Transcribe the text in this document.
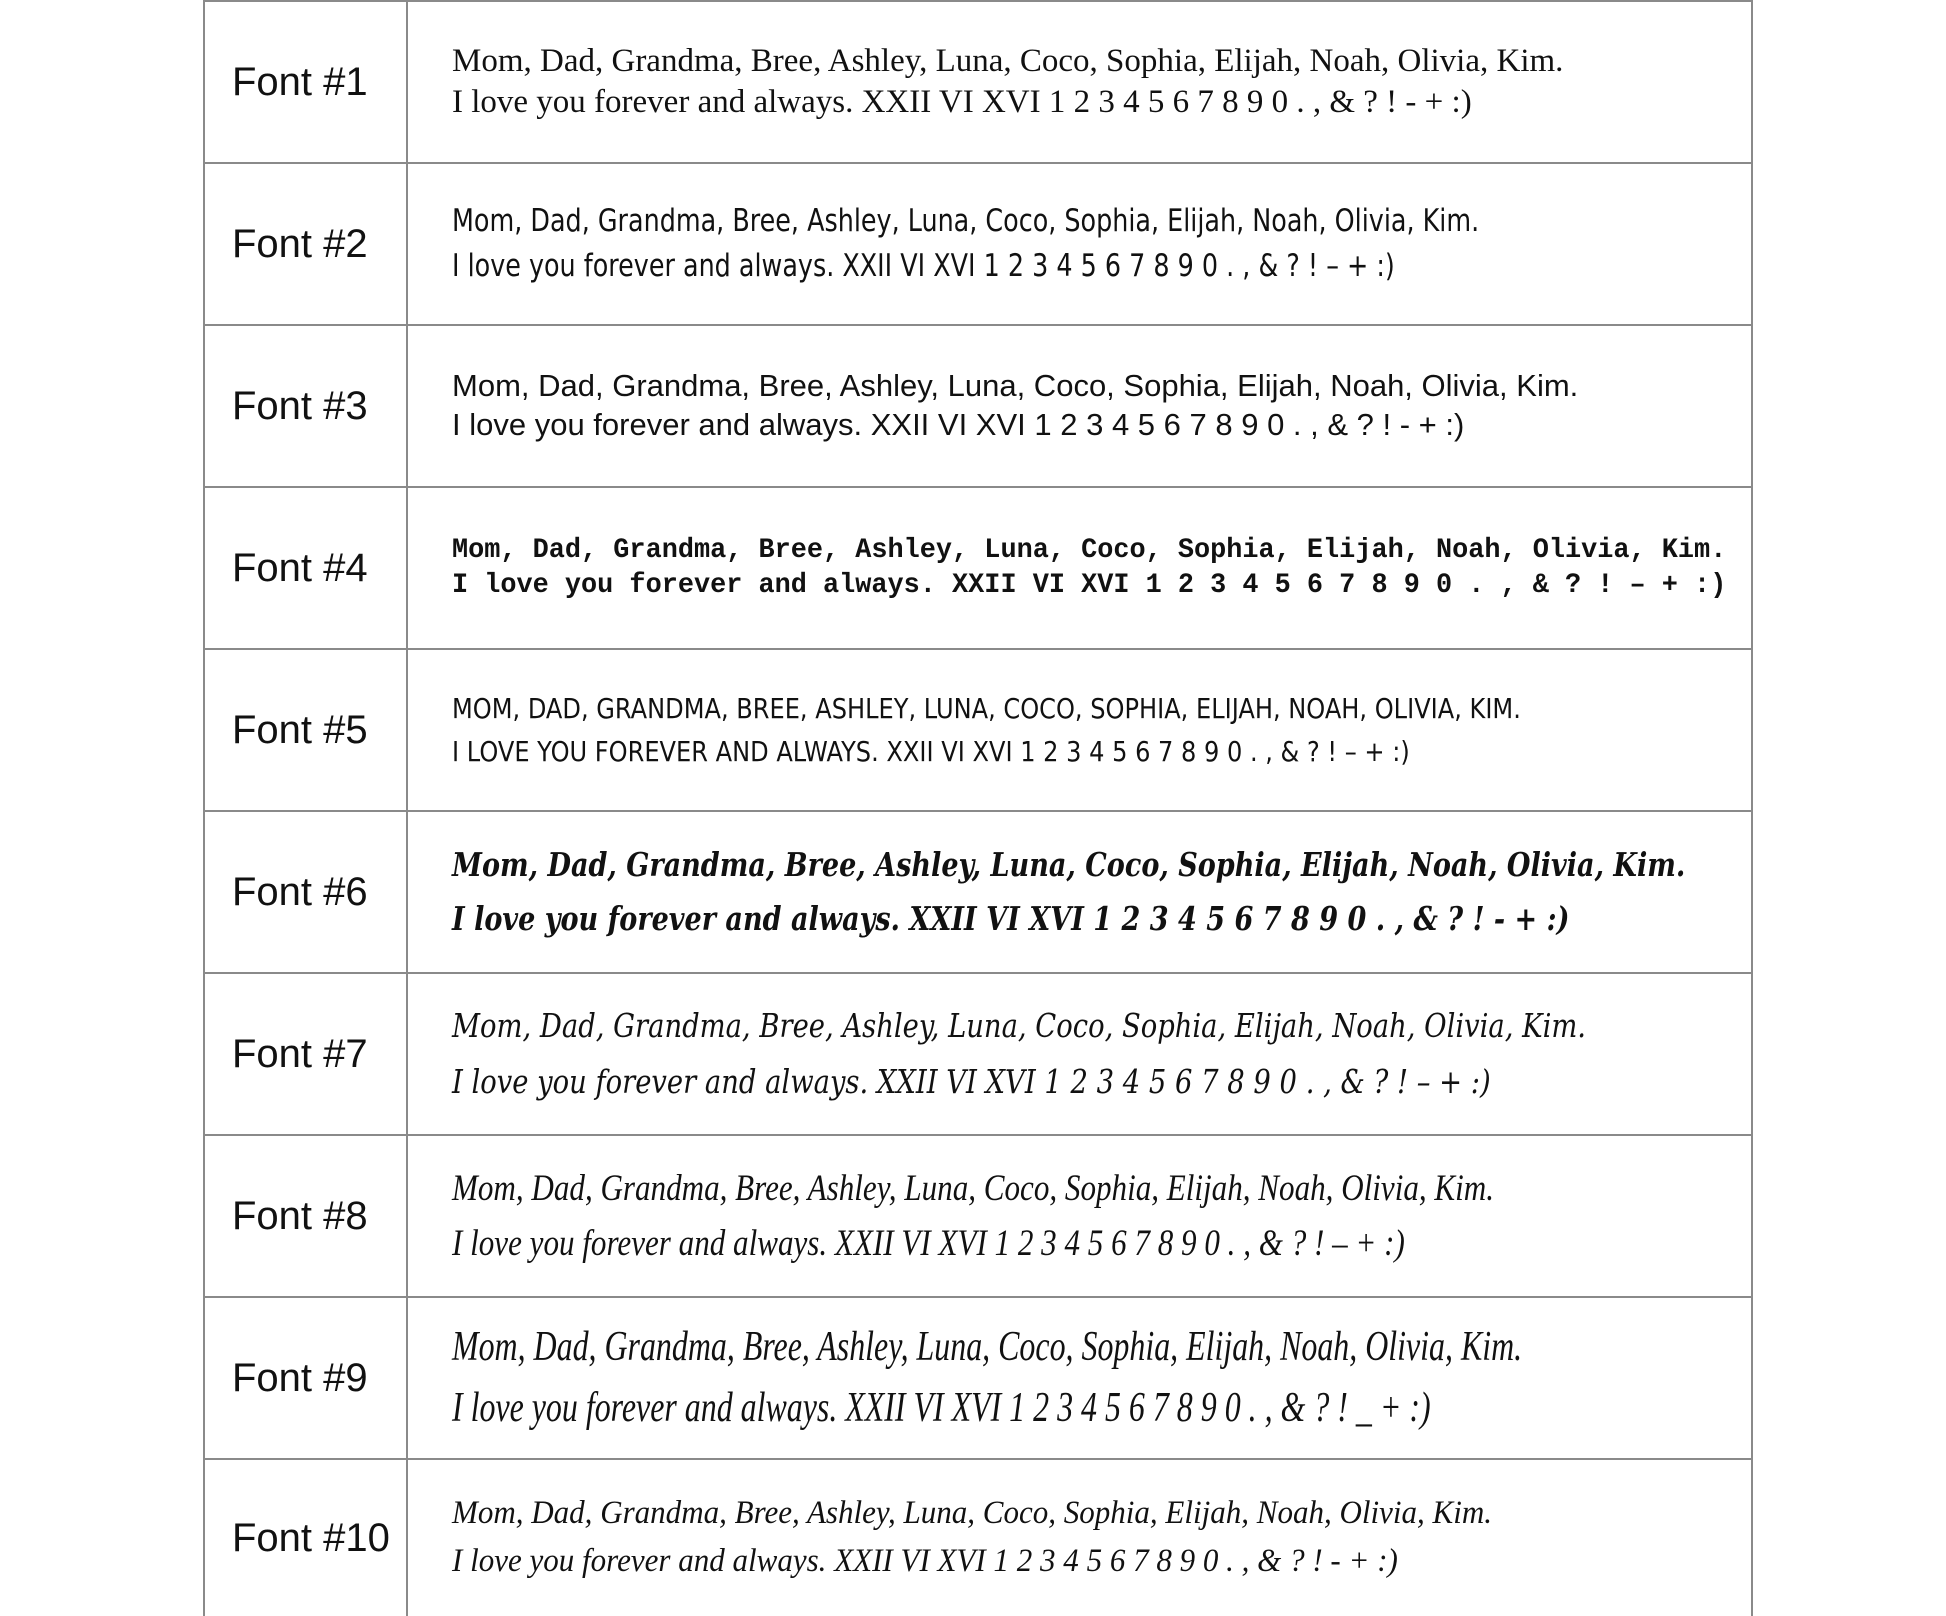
Font #1	Mom, Dad, Grandma, Bree, Ashley, Luna, Coco, Sophia, Elijah, Noah, Olivia, Kim.
I love you forever and always. XXII VI XVI 1 2 3 4 5 6 7 8 9 0 . , & ? ! - + :)
Font #2
Mom, Dad, Grandma, Bree, Ashley, Luna, Coco, Sophia, Elijah, Noah, Olivia, Kim.
I love you forever and always. XXII VI XVI 1 2 3 4 5 6 7 8 9 0 . , & ? ! – + :)
Font #3	Mom, Dad, Grandma, Bree, Ashley, Luna, Coco, Sophia, Elijah, Noah, Olivia, Kim.
I love you forever and always. XXII VI XVI 1 2 3 4 5 6 7 8 9 0 . , & ? ! - + :)
Font #4	Mom, Dad, Grandma, Bree, Ashley, Luna, Coco, Sophia, Elijah, Noah, Olivia, Kim.
I love you forever and always. XXII VI XVI 1 2 3 4 5 6 7 8 9 0 . , & ? ! – + :)
Font #5	MOM, DAD, GRANDMA, BREE, ASHLEY, LUNA, COCO, SOPHIA, ELIJAH, NOAH, OLIVIA, KIM.
I LOVE YOU FOREVER AND ALWAYS. XXII VI XVI 1 2 3 4 5 6 7 8 9 0 . , & ? ! – + :)
Font #6
Mom, Dad, Grandma, Bree, Ashley, Luna, Coco, Sophia, Elijah, Noah, Olivia, Kim.
I love you forever and always. XXII VI XVI 1 2 3 4 5 6 7 8 9 0 . , & ? ! - + :)
Font #7
Mom, Dad, Grandma, Bree, Ashley, Luna, Coco, Sophia, Elijah, Noah, Olivia, Kim.
I love you forever and always. XXII VI XVI 1 2 3 4 5 6 7 8 9 0 . , & ? ! – + :)
Font #8
Mom, Dad, Grandma, Bree, Ashley, Luna, Coco, Sophia, Elijah, Noah, Olivia, Kim.
I love you forever and always. XXII VI XVI 1 2 3 4 5 6 7 8 9 0 . , & ? ! – + :)
Font #9
Mom, Dad, Grandma, Bree, Ashley, Luna, Coco, Sophia, Elijah, Noah, Olivia, Kim.
I love you forever and always. XXII VI XVI 1 2 3 4 5 6 7 8 9 0 . , & ? ! _ + :)
Font #10
Mom, Dad, Grandma, Bree, Ashley, Luna, Coco, Sophia, Elijah, Noah, Olivia, Kim.
I love you forever and always. XXII VI XVI 1 2 3 4 5 6 7 8 9 0 . , & ? ! - + :)
